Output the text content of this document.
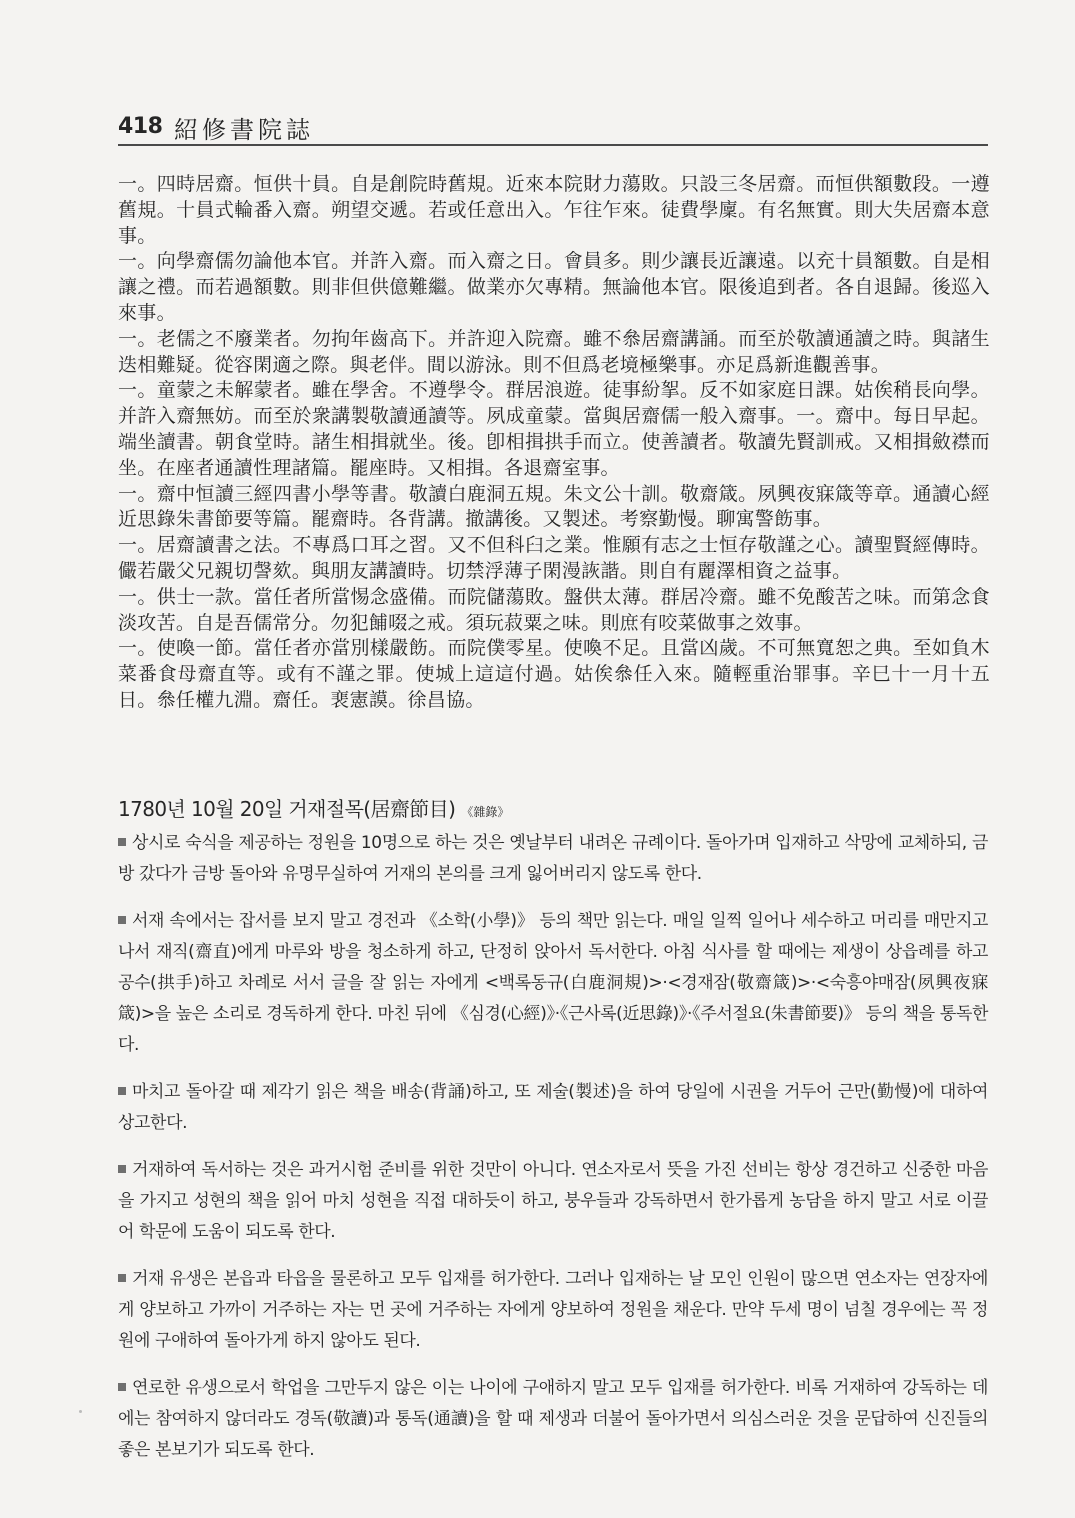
418 紹修書院誌

一。四時居齋。恒供十員。自是創院時舊規。近來本院財力蕩敗。只設三冬居齋。而恒供額數段。一遵舊規。十員式輪番入齋。朔望交遞。若或任意出入。乍往乍來。徒費學廩。有名無實。則大失居齋本意事。

一。向學齋儒勿論他本官。并許入齋。而入齋之日。會員多。則少讓長近讓遠。以充十員額數。自是相讓之禮。而若過額數。則非但供億難繼。做業亦欠專精。無論他本官。限後追到者。各自退歸。後巡入來事。

一。老儒之不廢業者。勿拘年齒高下。并許迎入院齋。雖不叅居齋講誦。而至於敬讀通讀之時。與諸生迭相難疑。從容閑適之際。與老伴。間以游泳。則不但爲老境極樂事。亦足爲新進觀善事。

一。童蒙之未解蒙者。雖在學舍。不遵學令。群居浪遊。徒事紛挐。反不如家庭日課。姑俟稍長向學。并許入齋無妨。而至於衆講製敬讀通讀等。夙成童蒙。當與居齋儒一般入齋事。一。齋中。每日早起。端坐讀書。朝食堂時。諸生相揖就坐。後。卽相揖拱手而立。使善讀者。敬讀先賢訓戒。又相揖斂襟而坐。在座者通讀性理諸篇。罷座時。又相揖。各退齋室事。

一。齋中恒讀三經四書小學等書。敬讀白鹿洞五規。朱文公十訓。敬齋箴。夙興夜寐箴等章。通讀心經近思錄朱書節要等篇。罷齋時。各背講。撤講後。又製述。考察勤慢。聊寓警飭事。

一。居齋讀書之法。不專爲口耳之習。又不但科臼之業。惟願有志之士恒存敬謹之心。讀聖賢經傳時。儼若嚴父兄親切謦欬。與朋友講讀時。切禁浮薄子閑漫詼諧。則自有麗澤相資之益事。

一。供士一款。當任者所當惕念盛備。而院儲蕩敗。盤供太薄。群居冷齋。雖不免酸苦之味。而第念食淡攻苦。自是吾儒常分。勿犯餔啜之戒。須玩菽粟之味。則庶有咬菜做事之效事。

一。使喚一節。當任者亦當別樣嚴飭。而院僕零星。使喚不足。且當凶歲。不可無寬恕之典。至如負木菜番食母齋直等。或有不謹之罪。使城上這這付過。姑俟叅任入來。隨輕重治罪事。辛巳十一月十五日。叅任權九淵。齋任。裵憲謨。徐昌協。

1780년 10월 20일 거재절목(居齋節目) 《雜錄》

상시로 숙식을 제공하는 정원을 10명으로 하는 것은 옛날부터 내려온 규례이다. 돌아가며 입재하고 삭망에 교체하되, 금방 갔다가 금방 돌아와 유명무실하여 거재의 본의를 크게 잃어버리지 않도록 한다.

서재 속에서는 잡서를 보지 말고 경전과 《소학(小學)》 등의 책만 읽는다. 매일 일찍 일어나 세수하고 머리를 매만지고 나서 재직(齋直)에게 마루와 방을 청소하게 하고, 단정히 앉아서 독서한다. 아침 식사를 할 때에는 제생이 상읍례를 하고 공수(拱手)하고 차례로 서서 글을 잘 읽는 자에게 <백록동규(白鹿洞規)>·<경재잠(敬齋箴)>·<숙흥야매잠(夙興夜寐箴)>을 높은 소리로 경독하게 한다. 마친 뒤에 《심경(心經)》·《근사록(近思錄)》·《주서절요(朱書節要)》 등의 책을 통독한다.

마치고 돌아갈 때 제각기 읽은 책을 배송(背誦)하고, 또 제술(製述)을 하여 당일에 시권을 거두어 근만(勤慢)에 대하여 상고한다.

거재하여 독서하는 것은 과거시험 준비를 위한 것만이 아니다. 연소자로서 뜻을 가진 선비는 항상 경건하고 신중한 마음을 가지고 성현의 책을 읽어 마치 성현을 직접 대하듯이 하고, 붕우들과 강독하면서 한가롭게 농담을 하지 말고 서로 이끌어 학문에 도움이 되도록 한다.

거재 유생은 본읍과 타읍을 물론하고 모두 입재를 허가한다. 그러나 입재하는 날 모인 인원이 많으면 연소자는 연장자에게 양보하고 가까이 거주하는 자는 먼 곳에 거주하는 자에게 양보하여 정원을 채운다. 만약 두세 명이 넘칠 경우에는 꼭 정원에 구애하여 돌아가게 하지 않아도 된다.

연로한 유생으로서 학업을 그만두지 않은 이는 나이에 구애하지 말고 모두 입재를 허가한다. 비록 거재하여 강독하는 데에는 참여하지 않더라도 경독(敬讀)과 통독(通讀)을 할 때 제생과 더불어 돌아가면서 의심스러운 것을 문답하여 신진들의 좋은 본보기가 되도록 한다.
